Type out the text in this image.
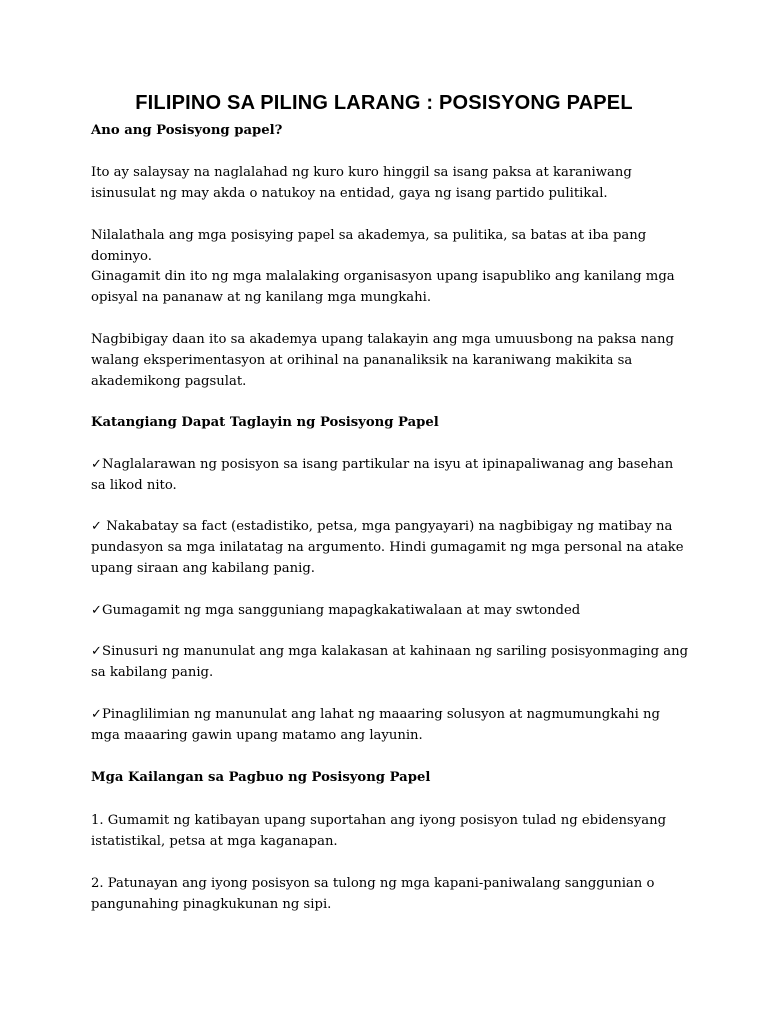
FILIPINO SA PILING LARANG : POSISYONG PAPEL

Ano ang Posisyong papel?

Ito ay salaysay na naglalahad ng kuro kuro hinggil sa isang paksa at karaniwang isinusulat ng may akda o natukoy na entidad, gaya ng isang partido pulitikal.

Nilalathala ang mga posisying papel sa akademya, sa pulitika, sa batas at iba pang dominyo.

Ginagamit din ito ng mga malalaking organisasyon upang isapubliko ang kanilang mga opisyal na pananaw at ng kanilang mga mungkahi.

Nagbibigay daan ito sa akademya upang talakayin ang mga umuusbong na paksa nang walang eksperimentasyon at orihinal na pananaliksik na karaniwang makikita sa akademikong pagsulat.

Katangiang Dapat Taglayin ng Posisyong Papel

✓Naglalarawan ng posisyon sa isang partikular na isyu at ipinapaliwanag ang basehan sa likod nito.

✓ Nakabatay sa fact (estadistiko, petsa, mga pangyayari) na nagbibigay ng matibay na pundasyon sa mga inilatatag na argumento. Hindi gumagamit ng mga personal na atake upang siraan ang kabilang panig.

✓Gumagamit ng mga sangguniang mapagkakatiwalaan at may swtonded

✓Sinusuri ng manunulat ang mga kalakasan at kahinaan ng sariling posisyonmaging ang sa kabilang panig.

✓Pinaglilimian ng manunulat ang lahat ng maaaring solusyon at nagmumungkahi ng mga maaaring gawin upang matamo ang layunin.

Mga Kailangan sa Pagbuo ng Posisyong Papel

1. Gumamit ng katibayan upang suportahan ang iyong posisyon tulad ng ebidensyang istatistikal, petsa at mga kaganapan.

2. Patunayan ang iyong posisyon sa tulong ng mga kapani-paniwalang sanggunian o pangunahing pinagkukunan ng sipi.
